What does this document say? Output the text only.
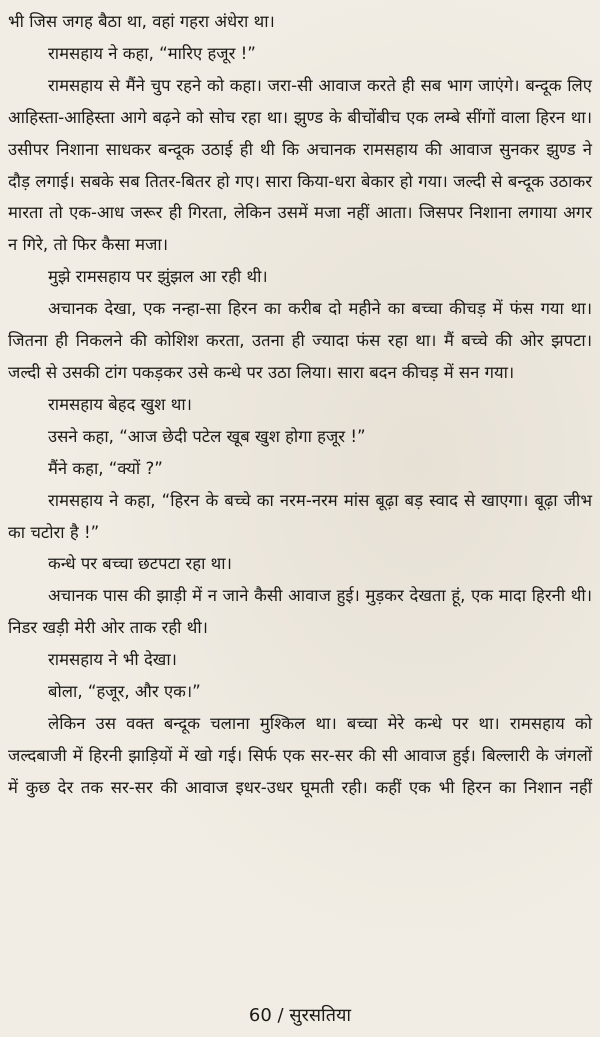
भी जिस जगह बैठा था, वहां गहरा अंधेरा था।

रामसहाय ने कहा, “मारिए हजूर !”

रामसहाय से मैंने चुप रहने को कहा। जरा-सी आवाज करते ही सब भाग जाएंगे। बन्दूक लिए आहिस्ता-आहिस्ता आगे बढ़ने को सोच रहा था। झुण्ड के बीचोंबीच एक लम्बे सींगों वाला हिरन था। उसीपर निशाना साधकर बन्दूक उठाई ही थी कि अचानक रामसहाय की आवाज सुनकर झुण्ड ने दौड़ लगाई। सबके सब तितर-बितर हो गए। सारा किया-धरा बेकार हो गया। जल्दी से बन्दूक उठाकर मारता तो एक-आध जरूर ही गिरता, लेकिन उसमें मजा नहीं आता। जिसपर निशाना लगाया अगर न गिरे, तो फिर कैसा मजा।

मुझे रामसहाय पर झुंझल आ रही थी।

अचानक देखा, एक नन्हा-सा हिरन का करीब दो महीने का बच्चा कीचड़ में फंस गया था। जितना ही निकलने की कोशिश करता, उतना ही ज्यादा फंस रहा था। मैं बच्चे की ओर झपटा। जल्दी से उसकी टांग पकड़कर उसे कन्धे पर उठा लिया। सारा बदन कीचड़ में सन गया।

रामसहाय बेहद खुश था।

उसने कहा, “आज छेदी पटेल खूब खुश होगा हजूर !”

मैंने कहा, “क्यों ?”

रामसहाय ने कहा, “हिरन के बच्चे का नरम-नरम मांस बूढ़ा बड़ स्वाद से खाएगा। बूढ़ा जीभ का चटोरा है !”

कन्धे पर बच्चा छटपटा रहा था।

अचानक पास की झाड़ी में न जाने कैसी आवाज हुई। मुड़कर देखता हूं, एक मादा हिरनी थी। निडर खड़ी मेरी ओर ताक रही थी।

रामसहाय ने भी देखा।

बोला, “हजूर, और एक।”

लेकिन उस वक्त बन्दूक चलाना मुश्किल था। बच्चा मेरे कन्धे पर था। रामसहाय को जल्दबाजी में हिरनी झाड़ियों में खो गई। सिर्फ एक सर-सर की सी आवाज हुई। बिल्लारी के जंगलों में कुछ देर तक सर-सर की आवाज इधर-उधर घूमती रही। कहीं एक भी हिरन का निशान नहीं

60 / सुरसतिया
